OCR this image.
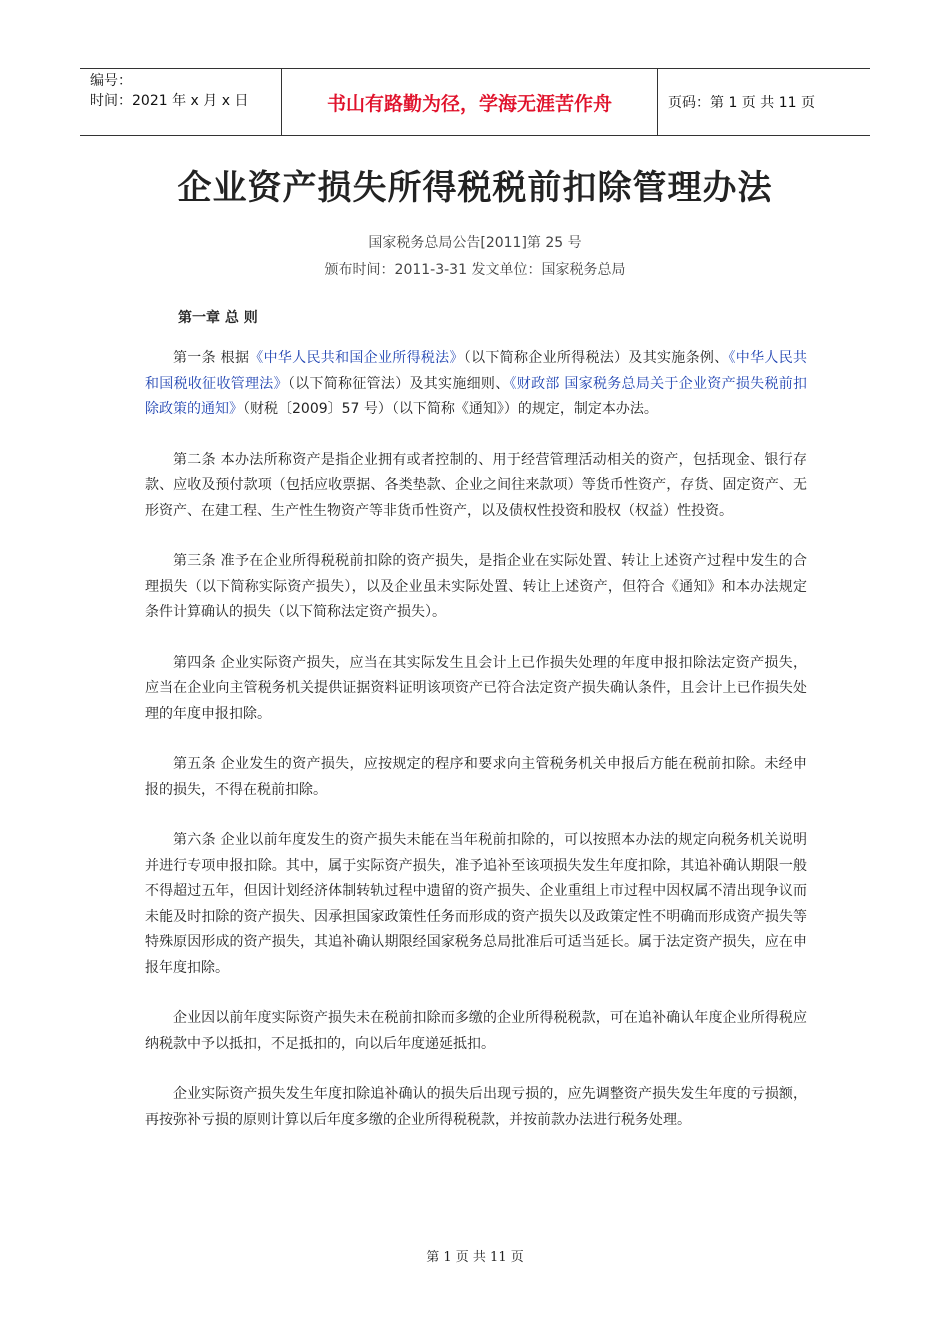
编号：
时间：2021 年 x 月 x 日	书山有路勤为径，学海无涯苦作舟	页码：第 1 页 共 11 页
企业资产损失所得税税前扣除管理办法
国家税务总局公告[2011]第 25 号
颁布时间：2011-3-31 发文单位：国家税务总局
第一章 总 则

第一条 根据《中华人民共和国企业所得税法》（以下简称企业所得税法）及其实施条例、《中华人民共和国税收征收管理法》（以下简称征管法）及其实施细则、《财政部 国家税务总局关于企业资产损失税前扣除政策的通知》（财税〔2009〕57 号）（以下简称《通知》）的规定，制定本办法。

第二条 本办法所称资产是指企业拥有或者控制的、用于经营管理活动相关的资产，包括现金、银行存款、应收及预付款项（包括应收票据、各类垫款、企业之间往来款项）等货币性资产，存货、固定资产、无形资产、在建工程、生产性生物资产等非货币性资产，以及债权性投资和股权（权益）性投资。

第三条 准予在企业所得税税前扣除的资产损失，是指企业在实际处置、转让上述资产过程中发生的合理损失（以下简称实际资产损失），以及企业虽未实际处置、转让上述资产，但符合《通知》和本办法规定条件计算确认的损失（以下简称法定资产损失）。

第四条 企业实际资产损失，应当在其实际发生且会计上已作损失处理的年度申报扣除法定资产损失，应当在企业向主管税务机关提供证据资料证明该项资产已符合法定资产损失确认条件，且会计上已作损失处理的年度申报扣除。

第五条 企业发生的资产损失，应按规定的程序和要求向主管税务机关申报后方能在税前扣除。未经申报的损失，不得在税前扣除。

第六条 企业以前年度发生的资产损失未能在当年税前扣除的，可以按照本办法的规定向税务机关说明并进行专项申报扣除。其中，属于实际资产损失，准予追补至该项损失发生年度扣除，其追补确认期限一般不得超过五年，但因计划经济体制转轨过程中遗留的资产损失、企业重组上市过程中因权属不清出现争议而未能及时扣除的资产损失、因承担国家政策性任务而形成的资产损失以及政策定性不明确而形成资产损失等特殊原因形成的资产损失，其追补确认期限经国家税务总局批准后可适当延长。属于法定资产损失，应在申报年度扣除。

企业因以前年度实际资产损失未在税前扣除而多缴的企业所得税税款，可在追补确认年度企业所得税应纳税款中予以抵扣，不足抵扣的，向以后年度递延抵扣。

企业实际资产损失发生年度扣除追补确认的损失后出现亏损的，应先调整资产损失发生年度的亏损额，再按弥补亏损的原则计算以后年度多缴的企业所得税税款，并按前款办法进行税务处理。

第 1 页 共 11 页
